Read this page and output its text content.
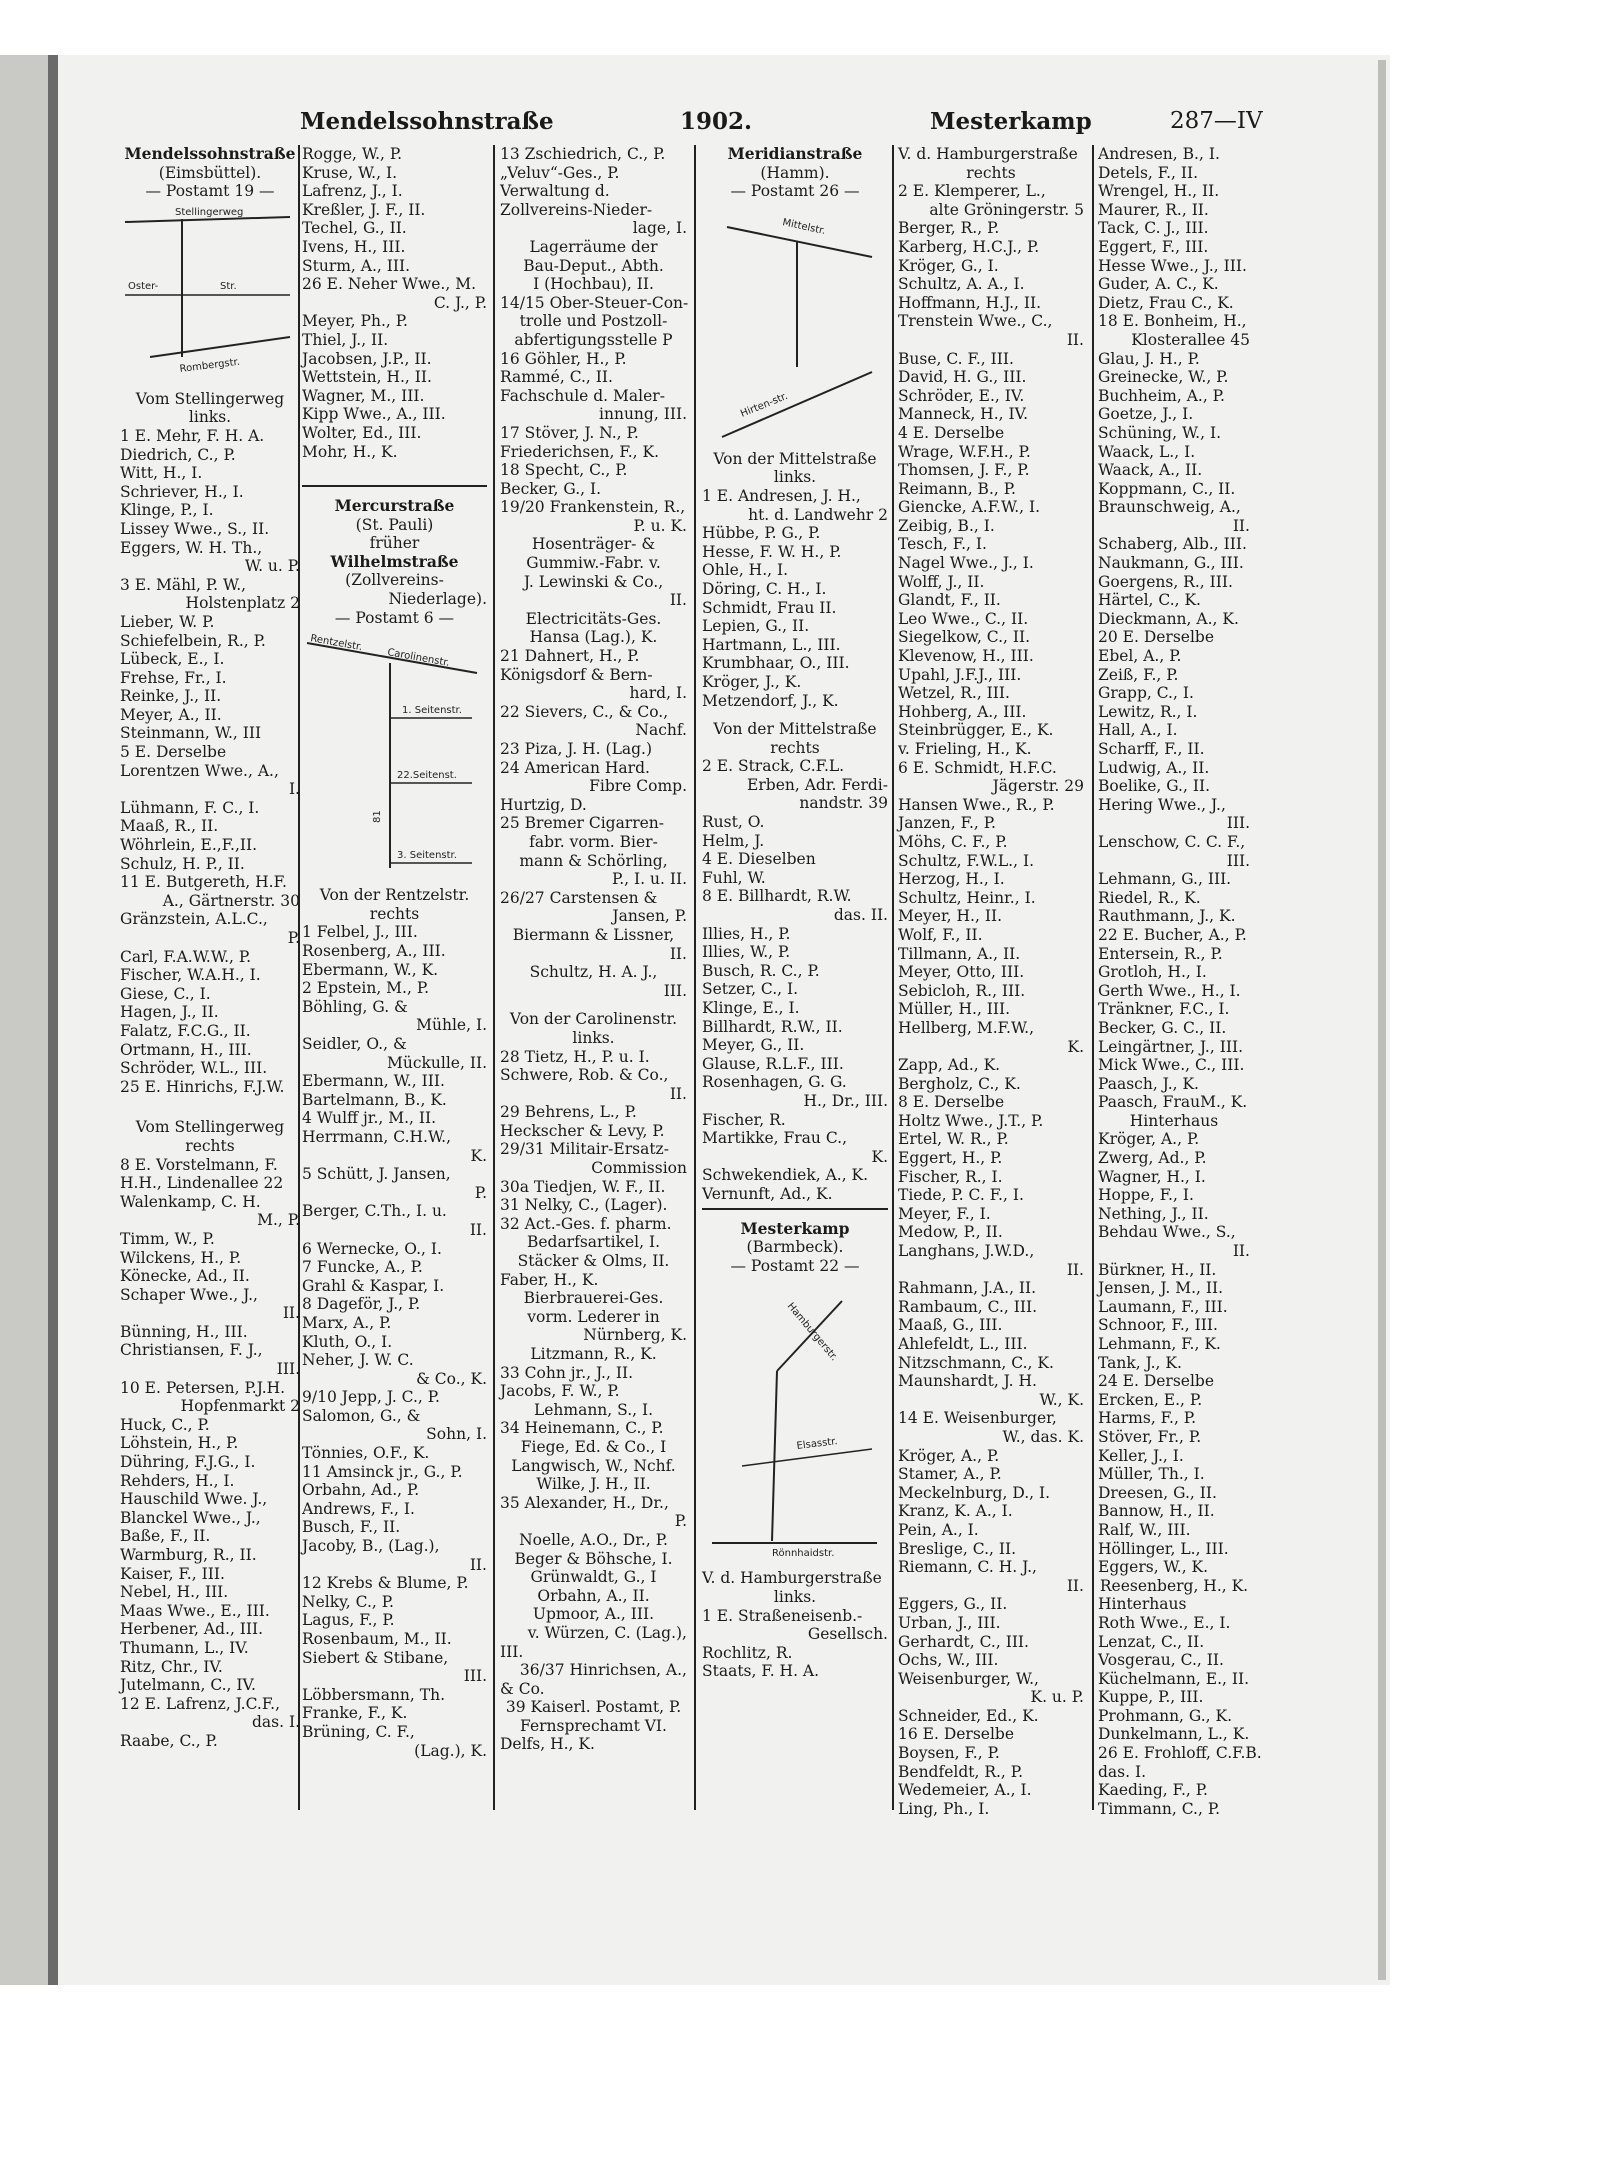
Mendelssohnstraße	1902.	Mesterkamp	287—IV
Mendelssohnstraße
(Eimsbüttel).
— Postamt 19 —
Stellingerweg
Oster-	Str.
Rombergstr.
Vom Stellingerweg
links.
1 E. Mehr, F. H. A.
Diedrich, C., P.
Witt, H., I.
Schriever, H., I.
Klinge, P., I.
Lissey Wwe., S., II.
Eggers, W. H. Th.,
W. u. P.
3 E. Mähl, P. W.,
Holstenplatz 2
Lieber, W. P.
Schiefelbein, R., P.
Lübeck, E., I.
Frehse, Fr., I.
Reinke, J., II.
Meyer, A., II.
Steinmann, W., III
5 E. Derselbe
Lorentzen Wwe., A.,
I.
Lühmann, F. C., I.
Maaß, R., II.
Wöhrlein, E.,F.,II.
Schulz, H. P., II.
11 E. Butgereth, H.F.
A., Gärtnerstr. 30
Gränzstein, A.L.C.,
P.
Carl, F.A.W.W., P.
Fischer, W.A.H., I.
Giese, C., I.
Hagen, J., II.
Falatz, F.C.G., II.
Ortmann, H., III.
Schröder, W.L., III.
25 E. Hinrichs, F.J.W.
Vom Stellingerweg
rechts
8 E. Vorstelmann, F.
H.H., Lindenallee 22
Walenkamp, C. H.
M., P.
Timm, W., P.
Wilckens, H., P.
Könecke, Ad., II.
Schaper Wwe., J.,
II.
Bünning, H., III.
Christiansen, F. J.,
III.
10 E. Petersen, P.J.H.
Hopfenmarkt 2
Huck, C., P.
Löhstein, H., P.
Dühring, F.J.G., I.
Rehders, H., I.
Hauschild Wwe. J.,
Blanckel Wwe., J.,
Baße, F., II.
Warmburg, R., II.
Kaiser, F., III.
Nebel, H., III.
Maas Wwe., E., III.
Herbener, Ad., III.
Thumann, L., IV.
Ritz, Chr., IV.
Jutelmann, C., IV.
12 E. Lafrenz, J.C.F.,
das. I.
Raabe, C., P.
Rogge, W., P.
Kruse, W., I.
Lafrenz, J., I.
Kreßler, J. F., II.
Techel, G., II.
Ivens, H., III.
Sturm, A., III.
26 E. Neher Wwe., M.
C. J., P.
Meyer, Ph., P.
Thiel, J., II.
Jacobsen, J.P., II.
Wettstein, H., II.
Wagner, M., III.
Kipp Wwe., A., III.
Wolter, Ed., III.
Mohr, H., K.
Mercurstraße
(St. Pauli)
früher
Wilhelmstraße
(Zollvereins-
Niederlage).
— Postamt 6 —
Rentzelstr.
Carolinenstr.
1. Seitenstr.
22.Seitenst.
3. Seitenstr.
81
Von der Rentzelstr.
rechts
1 Felbel, J., III.
Rosenberg, A., III.
Ebermann, W., K.
2 Epstein, M., P.
Böhling, G. &
Mühle, I.
Seidler, O., &
Mückulle, II.
Ebermann, W., III.
Bartelmann, B., K.
4 Wulff jr., M., II.
Herrmann, C.H.W.,
K.
5 Schütt, J. Jansen,
P.
Berger, C.Th., I. u.
II.
6 Wernecke, O., I.
7 Funcke, A., P.
Grahl & Kaspar, I.
8 Dageför, J., P.
Marx, A., P.
Kluth, O., I.
Neher, J. W. C.
& Co., K.
9/10 Jepp, J. C., P.
Salomon, G., &
Sohn, I.
Tönnies, O.F., K.
11 Amsinck jr., G., P.
Orbahn, Ad., P.
Andrews, F., I.
Busch, F., II.
Jacoby, B., (Lag.),
II.
12 Krebs & Blume, P.
Nelky, C., P.
Lagus, F., P.
Rosenbaum, M., II.
Siebert & Stibane,
III.
Löbbersmann, Th.
Franke, F., K.
Brüning, C. F.,
(Lag.), K.
13 Zschiedrich, C., P.
„Veluv“-Ges., P.
Verwaltung d.
Zollvereins-Nieder-
lage, I.
Lagerräume der
Bau-Deput., Abth.
I (Hochbau), II.
14/15 Ober-Steuer-Con-
trolle und Postzoll-
abfertigungsstelle P
16 Göhler, H., P.
Rammé, C., II.
Fachschule d. Maler-
innung, III.
17 Stöver, J. N., P.
Friederichsen, F., K.
18 Specht, C., P.
Becker, G., I.
19/20 Frankenstein, R.,
P. u. K.
Hosenträger- &
Gummiw.-Fabr. v.
J. Lewinski & Co.,
II.
Electricitäts-Ges.
Hansa (Lag.), K.
21 Dahnert, H., P.
Königsdorf & Bern-
hard, I.
22 Sievers, C., & Co.,
Nachf.
23 Piza, J. H. (Lag.)
24 American Hard.
Fibre Comp.
Hurtzig, D.
25 Bremer Cigarren-
fabr. vorm. Bier-
mann & Schörling,
P., I. u. II.
26/27 Carstensen &
Jansen, P.
Biermann & Lissner,
II.
Schultz, H. A. J.,
III.
Von der Carolinenstr.
links.
28 Tietz, H., P. u. I.
Schwere, Rob. & Co.,
II.
29 Behrens, L., P.
Heckscher & Levy, P.
29/31 Militair-Ersatz-
Commission
30a Tiedjen, W. F., II.
31 Nelky, C., (Lager).
32 Act.-Ges. f. pharm.
Bedarfsartikel, I.
Stäcker & Olms, II.
Faber, H., K.
Bierbrauerei-Ges.
vorm. Lederer in
Nürnberg, K.
Litzmann, R., K.
33 Cohn jr., J., II.
Jacobs, F. W., P.
Lehmann, S., I.
34 Heinemann, C., P.
Fiege, Ed. & Co., I
Langwisch, W., Nchf.
Wilke, J. H., II.
35 Alexander, H., Dr.,
P.
Noelle, A.O., Dr., P.
Beger & Böhsche, I.
Grünwaldt, G., I
Orbahn, A., II.
Upmoor, A., III.
v. Würzen, C. (Lag.),
III.
36/37 Hinrichsen, A.,
& Co.
39 Kaiserl. Postamt, P.
Fernsprechamt VI.
Delfs, H., K.
Meridianstraße
(Hamm).
— Postamt 26 —
Mittelstr.
Hirten-str.
Von der Mittelstraße
links.
1 E. Andresen, J. H.,
ht. d. Landwehr 2
Hübbe, P. G., P.
Hesse, F. W. H., P.
Ohle, H., I.
Döring, C. H., I.
Schmidt, Frau II.
Lepien, G., II.
Hartmann, L., III.
Krumbhaar, O., III.
Kröger, J., K.
Metzendorf, J., K.
Von der Mittelstraße
rechts
2 E. Strack, C.F.L.
Erben, Adr. Ferdi-
nandstr. 39
Rust, O.
Helm, J.
4 E. Dieselben
Fuhl, W.
8 E. Billhardt, R.W.
das. II.
Illies, H., P.
Illies, W., P.
Busch, R. C., P.
Setzer, C., I.
Klinge, E., I.
Billhardt, R.W., II.
Meyer, G., II.
Glause, R.L.F., III.
Rosenhagen, G. G.
H., Dr., III.
Fischer, R.
Martikke, Frau C.,
K.
Schwekendiek, A., K.
Vernunft, Ad., K.
Mesterkamp
(Barmbeck).
— Postamt 22 —
Hamburgerstr.
Elsasstr.
Rönnhaidstr.
V. d. Hamburgerstraße
links.
1 E. Straßeneisenb.-
Gesellsch.
Rochlitz, R.
Staats, F. H. A.
V. d. Hamburgerstraße
rechts
2 E. Klemperer, L.,
alte Gröningerstr. 5
Berger, R., P.
Karberg, H.C.J., P.
Kröger, G., I.
Schultz, A. A., I.
Hoffmann, H.J., II.
Trenstein Wwe., C.,
II.
Buse, C. F., III.
David, H. G., III.
Schröder, E., IV.
Manneck, H., IV.
4 E. Derselbe
Wrage, W.F.H., P.
Thomsen, J. F., P.
Reimann, B., P.
Giencke, A.F.W., I.
Zeibig, B., I.
Tesch, F., I.
Nagel Wwe., J., I.
Wolff, J., II.
Glandt, F., II.
Leo Wwe., C., II.
Siegelkow, C., II.
Klevenow, H., III.
Upahl, J.F.J., III.
Wetzel, R., III.
Hohberg, A., III.
Steinbrügger, E., K.
v. Frieling, H., K.
6 E. Schmidt, H.F.C.
Jägerstr. 29
Hansen Wwe., R., P.
Janzen, F., P.
Möhs, C. F., P.
Schultz, F.W.L., I.
Herzog, H., I.
Schultz, Heinr., I.
Meyer, H., II.
Wolf, F., II.
Tillmann, A., II.
Meyer, Otto, III.
Sebicloh, R., III.
Müller, H., III.
Hellberg, M.F.W.,
K.
Zapp, Ad., K.
Bergholz, C., K.
8 E. Derselbe
Holtz Wwe., J.T., P.
Ertel, W. R., P.
Eggert, H., P.
Fischer, R., I.
Tiede, P. C. F., I.
Meyer, F., I.
Medow, P., II.
Langhans, J.W.D.,
II.
Rahmann, J.A., II.
Rambaum, C., III.
Maaß, G., III.
Ahlefeldt, L., III.
Nitzschmann, C., K.
Maunshardt, J. H.
W., K.
14 E. Weisenburger,
W., das. K.
Kröger, A., P.
Stamer, A., P.
Meckelnburg, D., I.
Kranz, K. A., I.
Pein, A., I.
Breslige, C., II.
Riemann, C. H. J.,
II.
Eggers, G., II.
Urban, J., III.
Gerhardt, C., III.
Ochs, W., III.
Weisenburger, W.,
K. u. P.
Schneider, Ed., K.
16 E. Derselbe
Boysen, F., P.
Bendfeldt, R., P.
Wedemeier, A., I.
Ling, Ph., I.
Andresen, B., I.
Detels, F., II.
Wrengel, H., II.
Maurer, R., II.
Tack, C. J., III.
Eggert, F., III.
Hesse Wwe., J., III.
Guder, A. C., K.
Dietz, Frau C., K.
18 E. Bonheim, H.,
Klosterallee 45
Glau, J. H., P.
Greinecke, W., P.
Buchheim, A., P.
Goetze, J., I.
Schüning, W., I.
Waack, L., I.
Waack, A., II.
Koppmann, C., II.
Braunschweig, A.,
II.
Schaberg, Alb., III.
Naukmann, G., III.
Goergens, R., III.
Härtel, C., K.
Dieckmann, A., K.
20 E. Derselbe
Ebel, A., P.
Zeiß, F., P.
Grapp, C., I.
Lewitz, R., I.
Hall, A., I.
Scharff, F., II.
Ludwig, A., II.
Boelike, G., II.
Hering Wwe., J.,
III.
Lenschow, C. C. F.,
III.
Lehmann, G., III.
Riedel, R., K.
Rauthmann, J., K.
22 E. Bucher, A., P.
Entersein, R., P.
Grotloh, H., I.
Gerth Wwe., H., I.
Tränkner, F.C., I.
Becker, G. C., II.
Leingärtner, J., III.
Mick Wwe., C., III.
Paasch, J., K.
Paasch, FrauM., K.
Hinterhaus
Kröger, A., P.
Zwerg, Ad., P.
Wagner, H., I.
Hoppe, F., I.
Nething, J., II.
Behdau Wwe., S.,
II.
Bürkner, H., II.
Jensen, J. M., II.
Laumann, F., III.
Schnoor, F., III.
Lehmann, F., K.
Tank, J., K.
24 E. Derselbe
Ercken, E., P.
Harms, F., P.
Stöver, Fr., P.
Keller, J., I.
Müller, Th., I.
Dreesen, G., II.
Bannow, H., II.
Ralf, W., III.
Höllinger, L., III.
Eggers, W., K.
Reesenberg, H., K.
Hinterhaus
Roth Wwe., E., I.
Lenzat, C., II.
Vosgerau, C., II.
Küchelmann, E., II.
Kuppe, P., III.
Prohmann, G., K.
Dunkelmann, L., K.
26 E. Frohloff, C.F.B.
das. I.
Kaeding, F., P.
Timmann, C., P.
